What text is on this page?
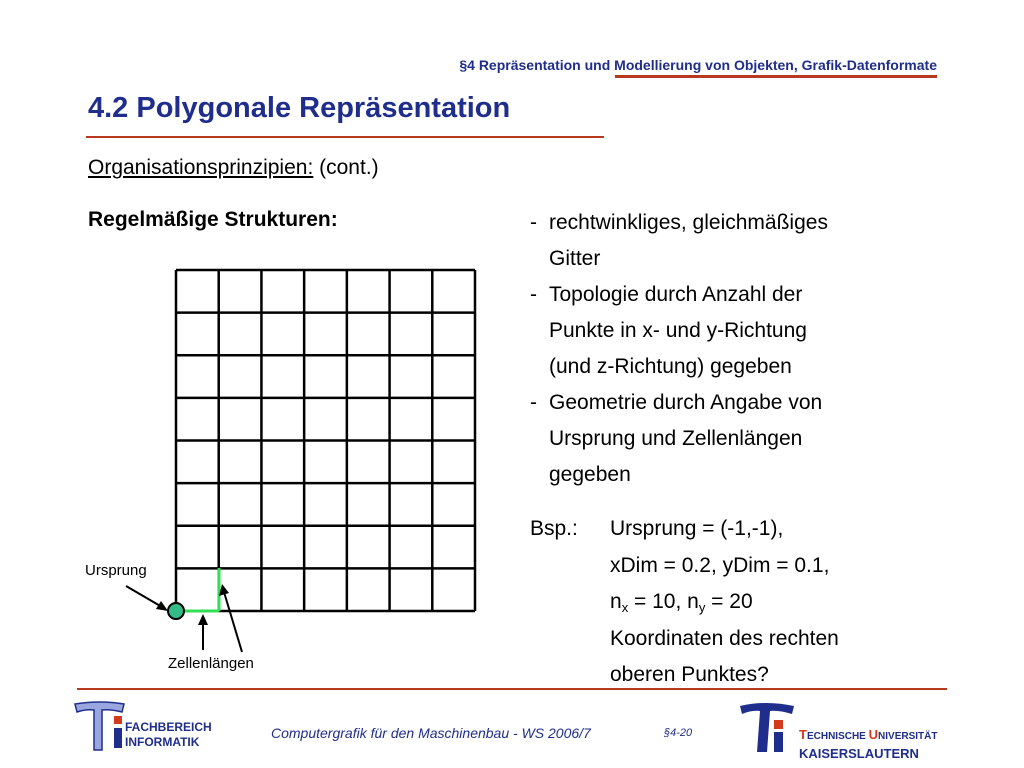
§4 Repräsentation und Modellierung von Objekten, Grafik-Datenformate
4.2 Polygonale Repräsentation
Organisationsprinzipien: (cont.)
Regelmäßige Strukturen:	- rechtwinkliges, gleichmäßiges
Gitter
- Topologie durch Anzahl der
Punkte in x- und y-Richtung
(und z-Richtung) gegeben
- Geometrie durch Angabe von
Ursprung und Zellenlängen
gegeben
Bsp.: Ursprung = (-1,-1),
xDim = 0.2, yDim = 0.1,
$n_x = 10$, $n_y = 20$
Koordinaten des rechten
oberen Punktes?
Ursprung
Zellenlängen
FACHBEREICH
INFORMATIK
Computergrafik für den Maschinenbau - WS 2006/7	§4-20	TECHNISCHE UNIVERSITÄT
KAISERSLAUTERN
